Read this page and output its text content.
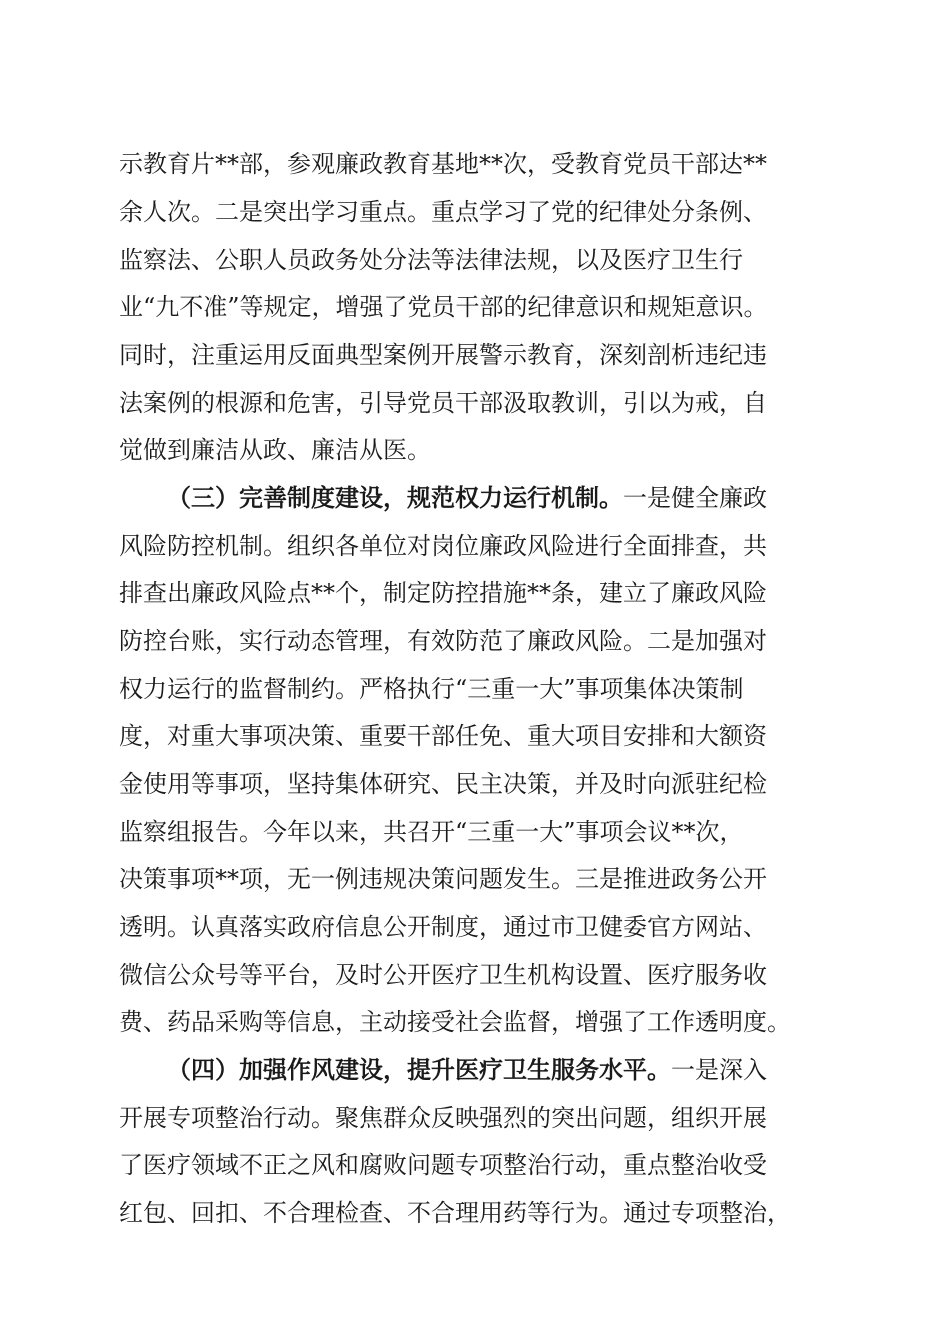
示教育片**部，参观廉政教育基地**次，受教育党员干部达**
余人次。二是突出学习重点。重点学习了党的纪律处分条例、
监察法、公职人员政务处分法等法律法规，以及医疗卫生行
业“九不准”等规定，增强了党员干部的纪律意识和规矩意识。
同时，注重运用反面典型案例开展警示教育，深刻剖析违纪违
法案例的根源和危害，引导党员干部汲取教训，引以为戒，自
觉做到廉洁从政、廉洁从医。
（三）完善制度建设，规范权力运行机制。一是健全廉政
风险防控机制。组织各单位对岗位廉政风险进行全面排查，共
排查出廉政风险点**个，制定防控措施**条，建立了廉政风险
防控台账，实行动态管理，有效防范了廉政风险。二是加强对
权力运行的监督制约。严格执行“三重一大”事项集体决策制
度，对重大事项决策、重要干部任免、重大项目安排和大额资
金使用等事项，坚持集体研究、民主决策，并及时向派驻纪检
监察组报告。今年以来，共召开“三重一大”事项会议**次，
决策事项**项，无一例违规决策问题发生。三是推进政务公开
透明。认真落实政府信息公开制度，通过市卫健委官方网站、
微信公众号等平台，及时公开医疗卫生机构设置、医疗服务收
费、药品采购等信息，主动接受社会监督，增强了工作透明度。
（四）加强作风建设，提升医疗卫生服务水平。一是深入
开展专项整治行动。聚焦群众反映强烈的突出问题，组织开展
了医疗领域不正之风和腐败问题专项整治行动，重点整治收受
红包、回扣、不合理检查、不合理用药等行为。通过专项整治，
